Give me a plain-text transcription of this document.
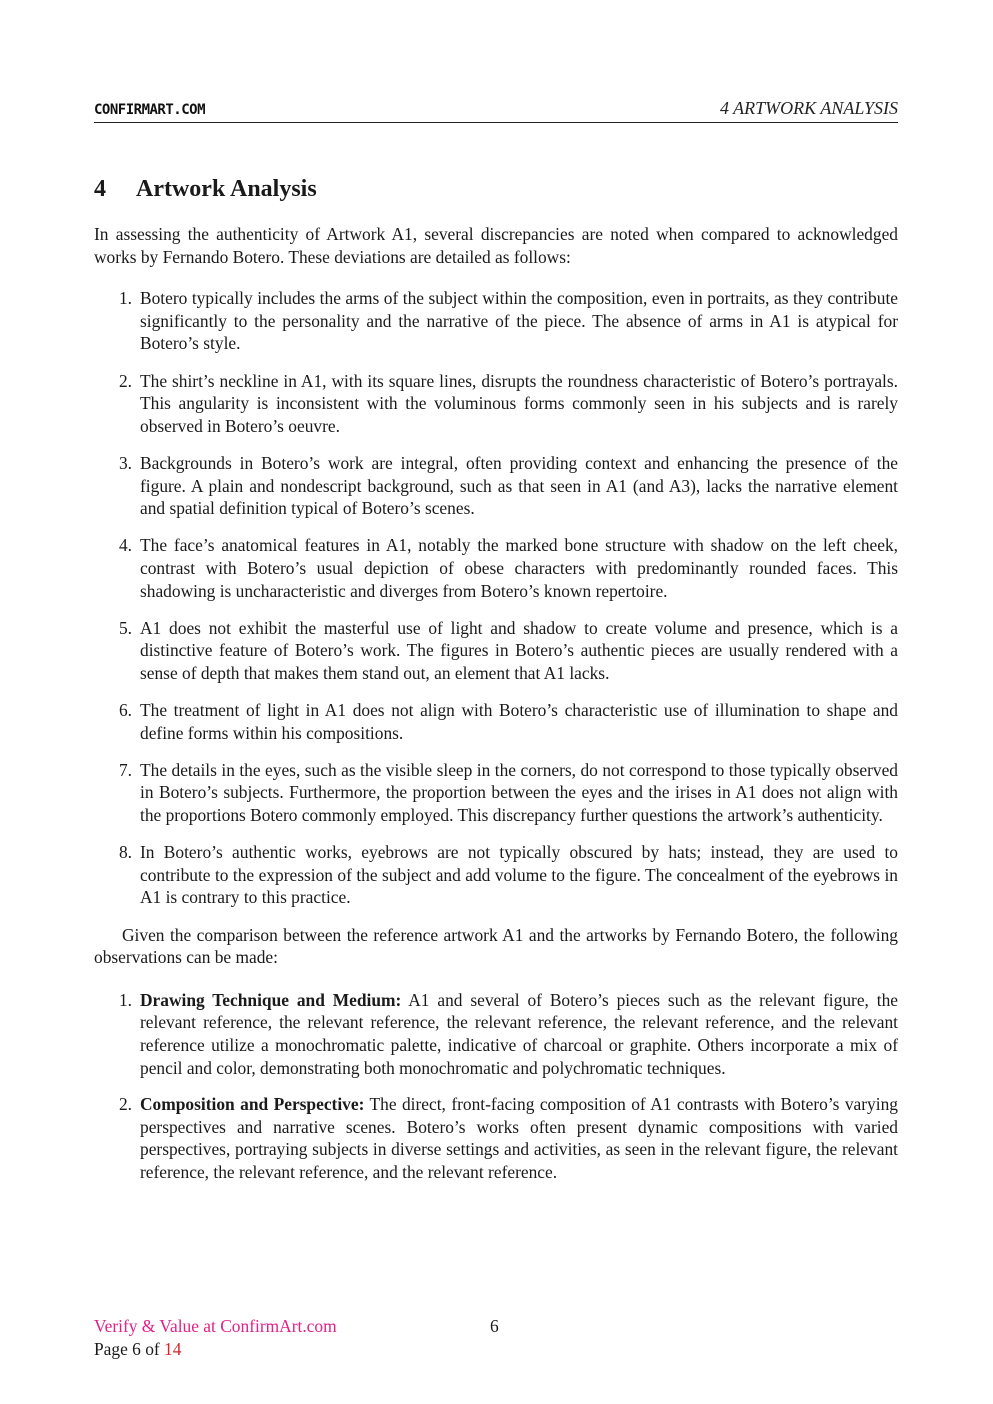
CONFIRMART.COM	4 ARTWORK ANALYSIS
4 Artwork Analysis

In assessing the authenticity of Artwork A1, several discrepancies are noted when compared to acknowledged works by Fernando Botero. These deviations are detailed as follows:

1. Botero typically includes the arms of the subject within the composition, even in portraits, as they contribute significantly to the personality and the narrative of the piece. The absence of arms in A1 is atypical for Botero’s style.
2. The shirt’s neckline in A1, with its square lines, disrupts the roundness characteristic of Botero’s portrayals. This angularity is inconsistent with the voluminous forms commonly seen in his subjects and is rarely observed in Botero’s oeuvre.
3. Backgrounds in Botero’s work are integral, often providing context and enhancing the presence of the figure. A plain and nondescript background, such as that seen in A1 (and A3), lacks the narrative element and spatial definition typical of Botero’s scenes.
4. The face’s anatomical features in A1, notably the marked bone structure with shadow on the left cheek, contrast with Botero’s usual depiction of obese characters with predominantly rounded faces. This shadowing is uncharacteristic and diverges from Botero’s known repertoire.
5. A1 does not exhibit the masterful use of light and shadow to create volume and presence, which is a distinctive feature of Botero’s work. The figures in Botero’s authentic pieces are usually rendered with a sense of depth that makes them stand out, an element that A1 lacks.
6. The treatment of light in A1 does not align with Botero’s characteristic use of illumination to shape and define forms within his compositions.
7. The details in the eyes, such as the visible sleep in the corners, do not correspond to those typically observed in Botero’s subjects. Furthermore, the proportion between the eyes and the irises in A1 does not align with the proportions Botero commonly employed. This discrepancy further questions the artwork’s authenticity.
8. In Botero’s authentic works, eyebrows are not typically obscured by hats; instead, they are used to contribute to the expression of the subject and add volume to the figure. The concealment of the eyebrows in A1 is contrary to this practice.

Given the comparison between the reference artwork A1 and the artworks by Fernando Botero, the following observations can be made:

1. Drawing Technique and Medium: A1 and several of Botero’s pieces such as the relevant figure, the relevant reference, the relevant reference, the relevant reference, the relevant reference, and the relevant reference utilize a monochromatic palette, indicative of charcoal or graphite. Others incorporate a mix of pencil and color, demonstrating both monochromatic and polychromatic techniques.
2. Composition and Perspective: The direct, front-facing composition of A1 contrasts with Botero’s varying perspectives and narrative scenes. Botero’s works often present dynamic compositions with varied perspectives, portraying subjects in diverse settings and activities, as seen in the relevant figure, the relevant reference, the relevant reference, and the relevant reference.
Verify & Value at ConfirmArt.com	6
Page 6 of 14
